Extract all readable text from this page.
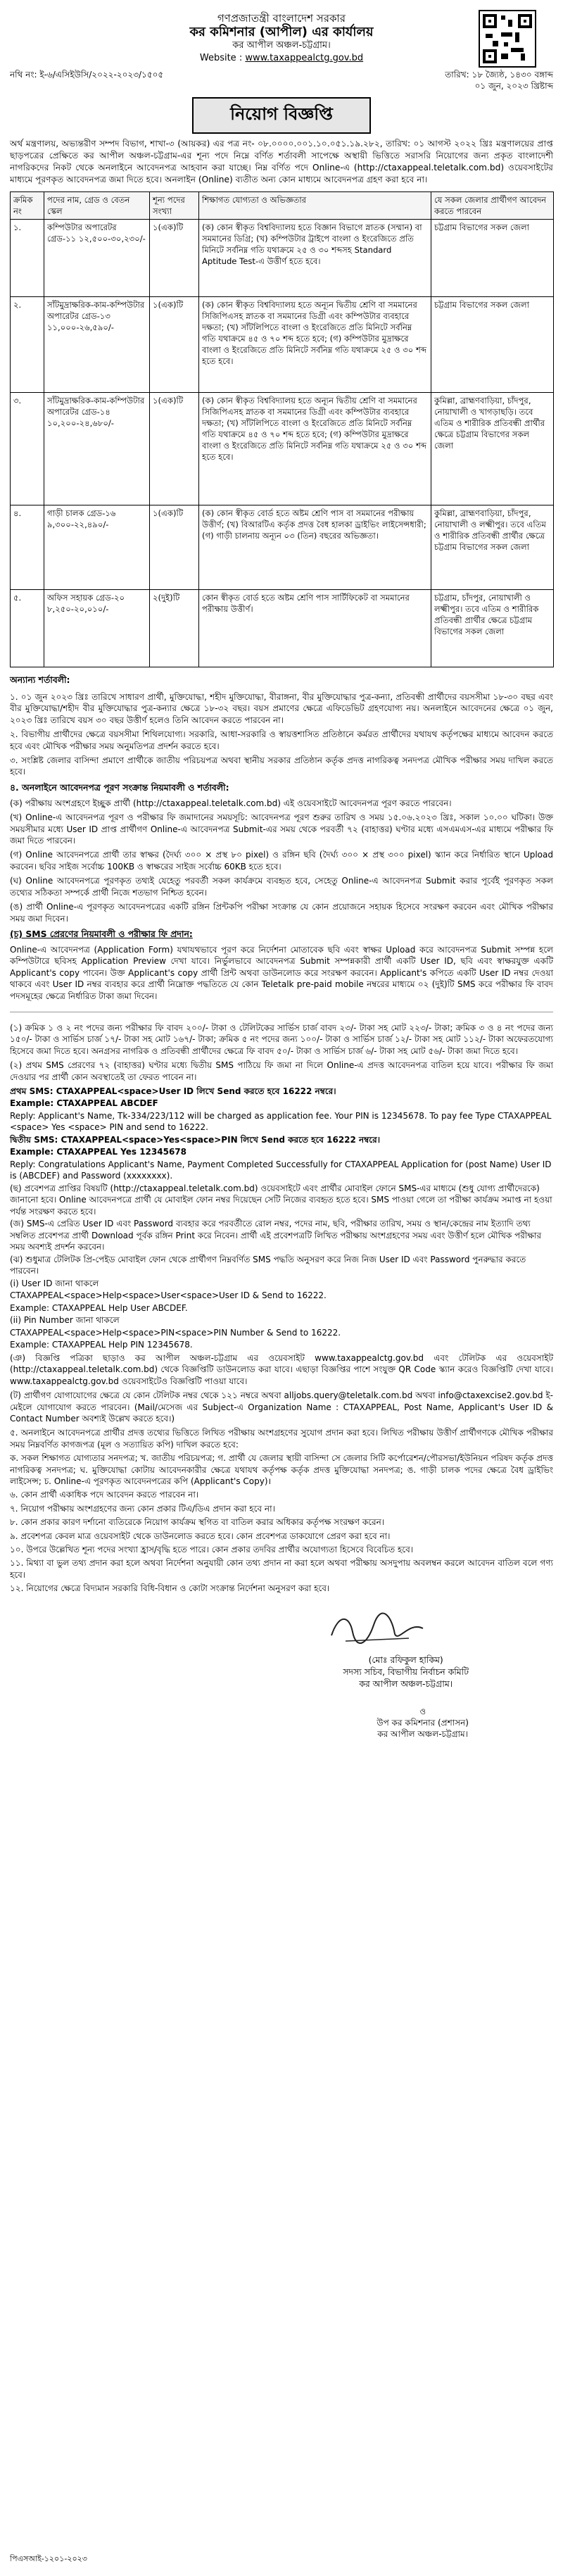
গণপ্রজাতন্ত্রী বাংলাদেশ সরকার
কর কমিশনার (আপীল) এর কার্যালয়
কর আপীল অঞ্চল-চট্টগ্রাম।
Website : www.taxappealctg.gov.bd
নথি নং: ই-৬/এসিইউসি/২০২২-২০২৩/১৫০৫	তারিখ: ১৮ জ্যৈষ্ঠ, ১৪৩০ বঙ্গাব্দ
০১ জুন, ২০২৩ খ্রিষ্টাব্দ
নিয়োগ বিজ্ঞপ্তি
অর্থ মন্ত্রণালয়, অভ্যন্তরীণ সম্পদ বিভাগ, শাখা-৩ (আয়কর) এর পত্র নং- ০৮.০০০০.০০১.১০.০৫১.১৯.২৮২, তারিখ: ০১ আগস্ট ২০২২ খ্রিঃ মন্ত্রণালয়ের প্রাপ্ত ছাড়পত্রের প্রেক্ষিতে কর আপীল অঞ্চল-চট্টগ্রাম-এর শূন্য পদে নিম্নে বর্ণিত শর্তাবলী সাপেক্ষে অস্থায়ী ভিত্তিতে সরাসরি নিয়োগের জন্য প্রকৃত বাংলাদেশী নাগরিকদের নিকট থেকে অনলাইনে আবেদনপত্র আহবান করা যাচ্ছে। নিম্ন বর্ণিত পদে Online-এ (http://ctaxappeal.teletalk.com.bd) ওয়েবসাইটের মাধ্যমে পূরণকৃত আবেদনপত্র জমা দিতে হবে। অনলাইন (Online) ব্যতীত অন্য কোন মাধ্যমে আবেদনপত্র গ্রহণ করা হবে না।
ক্রমিক নং	পদের নাম, গ্রেড ও বেতন স্কেল	শূন্য পদের সংখ্যা	শিক্ষাগত যোগ্যতা ও অভিজ্ঞতার	যে সকল জেলার প্রার্থীগণ আবেদন করতে পারবেন
১.	কম্পিউটার অপারেটর গ্রেড-১১ ১২,৫০০-৩০,২৩০/-	১(এক)টি	(ক) কোন স্বীকৃত বিশ্ববিদ্যালয় হতে বিজ্ঞান বিভাগে স্নাতক (সম্মান) বা সমমানের ডিগ্রি; (খ) কম্পিউটার ট্রাইপে বাংলা ও ইংরেজিতে প্রতি মিনিটে সর্বনিম্ন গতি যথাক্রমে ২৫ ও ৩০ শব্দসহ Standard Aptitude Test-এ উত্তীর্ণ হতে হবে।	চট্টগ্রাম বিভাগের সকল জেলা
২.	সাঁটমুদ্রাক্ষরিক-কাম-কম্পিউটার অপারেটর গ্রেড-১৩ ১১,০০০-২৬,৫৯০/-	১(এক)টি	(ক) কোন স্বীকৃত বিশ্ববিদ্যালয় হতে অন্যূন দ্বিতীয় শ্রেণি বা সমমানের সিজিপিএসহ স্নাতক বা সমমানের ডিগ্রী এবং কম্পিউটার ব্যবহারে দক্ষতা; (খ) সাঁটলিপিতে বাংলা ও ইংরেজিতে প্রতি মিনিটে সর্বনিম্ন গতি যথাক্রমে ৪৫ ও ৭০ শব্দ হতে হবে; (গ) কম্পিউটার মুদ্রাক্ষরে বাংলা ও ইংরেজিতে প্রতি মিনিটে সর্বনিম্ন গতি যথাক্রমে ২৫ ও ৩০ শব্দ হতে হবে।	চট্টগ্রাম বিভাগের সকল জেলা
৩.	সাঁটমুদ্রাক্ষরিক-কাম-কম্পিউটার অপারেটর গ্রেড-১৪ ১০,২০০-২৪,৬৮০/-	১(এক)টি	(ক) কোন স্বীকৃত বিশ্ববিদ্যালয় হতে অন্যূন দ্বিতীয় শ্রেণি বা সমমানের সিজিপিএসহ স্নাতক বা সমমানের ডিগ্রী এবং কম্পিউটার ব্যবহারে দক্ষতা; (খ) সাঁটলিপিতে বাংলা ও ইংরেজিতে প্রতি মিনিটে সর্বনিম্ন গতি যথাক্রমে ৪৫ ও ৭০ শব্দ হতে হবে; (গ) কম্পিউটার মুদ্রাক্ষরে বাংলা ও ইংরেজিতে প্রতি মিনিটে সর্বনিম্ন গতি যথাক্রমে ২৫ ও ৩০ শব্দ হতে হবে।	কুমিল্লা, ব্রাহ্মণবাড়িয়া, চাঁদপুর, নোয়াখালী ও খাগড়াছড়ি। তবে এতিম ও শারীরিক প্রতিবন্ধী প্রার্থীর ক্ষেত্রে চট্টগ্রাম বিভাগের সকল জেলা
৪.	গাড়ী চালক গ্রেড-১৬ ৯,৩০০-২২,৪৯০/-	১(এক)টি	(ক) কোন স্বীকৃত বোর্ড হতে অষ্টম শ্রেণি পাস বা সমমানের পরীক্ষায় উত্তীর্ণ; (খ) বিআরটিএ কর্তৃক প্রদত্ত বৈধ হালকা ড্রাইভিং লাইসেন্সধারী; (গ) গাড়ী চালনায় অন্যূন ০৩ (তিন) বছরের অভিজ্ঞতা।	কুমিল্লা, ব্রাহ্মণবাড়িয়া, চাঁদপুর, নোয়াখালী ও লক্ষ্মীপুর। তবে এতিম ও শারীরিক প্রতিবন্ধী প্রার্থীর ক্ষেত্রে চট্টগ্রাম বিভাগের সকল জেলা
৫.	অফিস সহায়ক গ্রেড-২০ ৮,২৫০-২০,০১০/-	২(দুই)টি	কোন স্বীকৃত বোর্ড হতে অষ্টম শ্রেণি পাস সার্টিফিকেট বা সমমানের পরীক্ষায় উত্তীর্ণ।	চট্টগ্রাম, চাঁদপুর, নোয়াখালী ও লক্ষ্মীপুর। তবে এতিম ও শারীরিক প্রতিবন্ধী প্রার্থীর ক্ষেত্রে চট্টগ্রাম বিভাগের সকল জেলা
অন্যান্য শর্তাবলী:
১. ০১ জুন ২০২৩ খ্রিঃ তারিখে সাধারণ প্রার্থী, মুক্তিযোদ্ধা, শহীদ মুক্তিযোদ্ধা, বীরাঙ্গনা, বীর মুক্তিযোদ্ধার পুত্র-কন্যা, প্রতিবন্ধী প্রার্থীদের বয়সসীমা ১৮-৩০ বছর এবং বীর মুক্তিযোদ্ধা/শহীদ বীর মুক্তিযোদ্ধার পুত্র-কন্যার ক্ষেত্রে ১৮-৩২ বছর। বয়স প্রমাণের ক্ষেত্রে এফিডেভিট গ্রহণযোগ্য নয়। অনলাইনে আবেদনের ক্ষেত্রে ০১ জুন, ২০২৩ খ্রিঃ তারিখে বয়স ৩০ বছর উত্তীর্ণ হলেও তিনি আবেদন করতে পারবেন না।
২. বিভাগীয় প্রার্থীদের ক্ষেত্রে বয়সসীমা শিথিলযোগ্য। সরকারি, আধা-সরকারি ও স্বায়ত্তশাসিত প্রতিষ্ঠানে কর্মরত প্রার্থীদের যথাযথ কর্তৃপক্ষের মাধ্যমে আবেদন করতে হবে এবং মৌখিক পরীক্ষার সময় অনুমতিপত্র প্রদর্শন করতে হবে।
৩. সংশ্লিষ্ট জেলার বাসিন্দা প্রমাণে প্রার্থীকে জাতীয় পরিচয়পত্র অথবা স্থানীয় সরকার প্রতিষ্ঠান কর্তৃক প্রদত্ত নাগরিকত্ব সনদপত্র মৌখিক পরীক্ষার সময় দাখিল করতে হবে।
৪. অনলাইনে আবেদনপত্র পূরণ সংক্রান্ত নিয়মাবলী ও শর্তাবলী:
(ক) পরীক্ষায় অংশগ্রহণে ইচ্ছুক প্রার্থী (http://ctaxappeal.teletalk.com.bd) এই ওয়েবসাইটে আবেদনপত্র পূরণ করতে পারবেন।
(খ) Online-এ আবেদনপত্র পূরণ ও পরীক্ষার ফি জমাদানের সময়সূচি: আবেদনপত্র পূরণ শুরুর তারিখ ও সময় ১৫.০৬.২০২৩ খ্রিঃ, সকাল ১০.০০ ঘটিকা। উক্ত সময়সীমার মধ্যে User ID প্রাপ্ত প্রার্থীগণ Online-এ আবেদনপত্র Submit-এর সময় থেকে পরবর্তী ৭২ (বাহাত্তর) ঘণ্টার মধ্যে এসএমএস-এর মাধ্যমে পরীক্ষার ফি জমা দিতে পারবেন।
(গ) Online আবেদনপত্রে প্রার্থী তার স্বাক্ষর (দৈর্ঘ্য ৩০০ × প্রস্থ ৮০ pixel) ও রঙ্গিন ছবি (দৈর্ঘ্য ৩০০ × প্রস্থ ৩০০ pixel) স্ক্যান করে নির্ধারিত স্থানে Upload করবেন। ছবির সাইজ সর্বোচ্চ 100KB ও স্বাক্ষরের সাইজ সর্বোচ্চ 60KB হতে হবে।
(ঘ) Online আবেদনপত্রে পূরণকৃত তথ্যই যেহেতু পরবর্তী সকল কার্যক্রমে ব্যবহৃত হবে, সেহেতু Online-এ আবেদনপত্র Submit করার পূর্বেই পূরণকৃত সকল তথ্যের সঠিকতা সম্পর্কে প্রার্থী নিজে শতভাগ নিশ্চিত হবেন।
(ঙ) প্রার্থী Online-এ পূরণকৃত আবেদনপত্রের একটি রঙ্গিন প্রিন্টকপি পরীক্ষা সংক্রান্ত যে কোন প্রয়োজনে সহায়ক হিসেবে সংরক্ষণ করবেন এবং মৌখিক পরীক্ষার সময় জমা দিবেন।
(চ) SMS প্রেরণের নিয়মাবলী ও পরীক্ষার ফি প্রদান:
Online-এ আবেদনপত্র (Application Form) যথাযথভাবে পূরণ করে নির্দেশনা মোতাবেক ছবি এবং স্বাক্ষর Upload করে আবেদনপত্র Submit সম্পন্ন হলে কম্পিউটারে ছবিসহ Application Preview দেখা যাবে। নির্ভুলভাবে আবেদনপত্র Submit সম্পন্নকারী প্রার্থী একটি User ID, ছবি এবং স্বাক্ষরযুক্ত একটি Applicant's copy পাবেন। উক্ত Applicant's copy প্রার্থী প্রিন্ট অথবা ডাউনলোড করে সংরক্ষণ করবেন। Applicant's কপিতে একটি User ID নম্বর দেওয়া থাকবে এবং User ID নম্বর ব্যবহার করে প্রার্থী নিম্নোক্ত পদ্ধতিতে যে কোন Teletalk pre-paid mobile নম্বরের মাধ্যমে ০২ (দুই)টি SMS করে পরীক্ষার ফি বাবদ পদসমূহের ক্ষেত্রে নির্ধারিত টাকা জমা দিবেন।
(১) ক্রমিক ১ ও ২ নং পদের জন্য পরীক্ষার ফি বাবদ ২০০/- টাকা ও টেলিটকের সার্ভিস চার্জ বাবদ ২৩/- টাকা সহ মোট ২২৩/- টাকা; ক্রমিক ৩ ও ৪ নং পদের জন্য ১৫০/- টাকা ও সার্ভিস চার্জ ১৭/- টাকা সহ মোট ১৬৭/- টাকা; ক্রমিক ৫ নং পদের জন্য ১০০/- টাকা ও সার্ভিস চার্জ ১২/- টাকা সহ মোট ১১২/- টাকা অফেরতযোগ্য হিসেবে জমা দিতে হবে। অনগ্রসর নাগরিক ও প্রতিবন্ধী প্রার্থীদের ক্ষেত্রে ফি বাবদ ৫০/- টাকা ও সার্ভিস চার্জ ৬/- টাকা সহ মোট ৫৬/- টাকা জমা দিতে হবে।
(২) প্রথম SMS প্রেরণের ৭২ (বাহাত্তর) ঘণ্টার মধ্যে দ্বিতীয় SMS পাঠিয়ে ফি জমা না দিলে Online-এ প্রদত্ত আবেদনপত্র বাতিল হয়ে যাবে। পরীক্ষার ফি জমা দেওয়ার পর প্রার্থী কোন অবস্থাতেই তা ফেরত পাবেন না।
প্রথম SMS: CTAXAPPEAL<space>User ID লিখে Send করতে হবে 16222 নম্বরে।
Example: CTAXAPPEAL ABCDEF
Reply: Applicant's Name, Tk-334/223/112 will be charged as application fee. Your PIN is 12345678. To pay fee Type CTAXAPPEAL <space> Yes <space> PIN and send to 16222.
দ্বিতীয় SMS: CTAXAPPEAL<space>Yes<space>PIN লিখে Send করতে হবে 16222 নম্বরে।
Example: CTAXAPPEAL Yes 12345678
Reply: Congratulations Applicant's Name, Payment Completed Successfully for CTAXAPPEAL Application for (post Name) User ID is (ABCDEF) and Password (xxxxxxxx).
(ছ) প্রবেশপত্র প্রাপ্তির বিষয়টি (http://ctaxappeal.teletalk.com.bd) ওয়েবসাইটে এবং প্রার্থীর মোবাইল ফোনে SMS-এর মাধ্যমে (শুধু যোগ্য প্রার্থীদেরকে) জানানো হবে। Online আবেদনপত্রে প্রার্থী যে মোবাইল ফোন নম্বর দিয়েছেন সেটি নিজের ব্যবহৃত হতে হবে। SMS পাওয়া গেলে তা পরীক্ষা কার্যক্রম সমাপ্ত না হওয়া পর্যন্ত সংরক্ষণ করতে হবে।
(জ) SMS-এ প্রেরিত User ID এবং Password ব্যবহার করে পরবর্তীতে রোল নম্বর, পদের নাম, ছবি, পরীক্ষার তারিখ, সময় ও স্থান/কেন্দ্রের নাম ইত্যাদি তথ্য সম্বলিত প্রবেশপত্র প্রার্থী Download পূর্বক রঙ্গিন Print করে নিবেন। প্রার্থী এই প্রবেশপত্রটি লিখিত পরীক্ষায় অংশগ্রহণের সময় এবং উত্তীর্ণ হলে মৌখিক পরীক্ষার সময় অবশ্যই প্রদর্শন করবেন।
(ঝ) শুধুমাত্র টেলিটক প্রি-পেইড মোবাইল ফোন থেকে প্রার্থীগণ নিম্নবর্ণিত SMS পদ্ধতি অনুসরণ করে নিজ নিজ User ID এবং Password পুনরুদ্ধার করতে পারবেন।
(i) User ID জানা থাকলে
CTAXAPPEAL<space>Help<space>User<space>User ID & Send to 16222.
Example: CTAXAPPEAL Help User ABCDEF.
(ii) Pin Number জানা থাকলে
CTAXAPPEAL<space>Help<space>PIN<space>PIN Number & Send to 16222.
Example: CTAXAPPEAL Help PIN 12345678.
(ঞ) বিজ্ঞপ্তি পত্রিকা ছাড়াও কর আপীল অঞ্চল-চট্টগ্রাম এর ওয়েবসাইট www.taxappealctg.gov.bd এবং টেলিটক এর ওয়েবসাইট (http://ctaxappeal.teletalk.com.bd) থেকে বিজ্ঞপ্তিটি ডাউনলোড করা যাবে। এছাড়া বিজ্ঞপ্তির পাশে সংযুক্ত QR Code স্ক্যান করেও বিজ্ঞপ্তিটি দেখা যাবে। www.taxappealctg.gov.bd ওয়েবসাইটেও বিজ্ঞপ্তিটি পাওয়া যাবে।
(ট) প্রার্থীগণ যোগাযোগের ক্ষেত্রে যে কোন টেলিটক নম্বর থেকে ১২১ নম্বরে অথবা alljobs.query@teletalk.com.bd অথবা info@ctaxexcise2.gov.bd ই-মেইলে যোগাযোগ করতে পারবেন। (Mail/মেসেজ এর Subject-এ Organization Name : CTAXAPPEAL, Post Name, Applicant's User ID & Contact Number অবশ্যই উল্লেখ করতে হবে।)
৫. অনলাইনে আবেদনপত্রে প্রার্থীর প্রদত্ত তথ্যের ভিত্তিতে লিখিত পরীক্ষায় অংশগ্রহণের সুযোগ প্রদান করা হবে। লিখিত পরীক্ষায় উত্তীর্ণ প্রার্থীগণকে মৌখিক পরীক্ষার সময় নিম্নবর্ণিত কাগজপত্র (মূল ও সত্যায়িত কপি) দাখিল করতে হবে:
ক. সকল শিক্ষাগত যোগ্যতার সনদপত্র; খ. জাতীয় পরিচয়পত্র; গ. প্রার্থী যে জেলার স্থায়ী বাসিন্দা সে জেলার সিটি কর্পোরেশন/পৌরসভা/ইউনিয়ন পরিষদ কর্তৃক প্রদত্ত নাগরিকত্ব সনদপত্র; ঘ. মুক্তিযোদ্ধা কোটায় আবেদনকারীর ক্ষেত্রে যথাযথ কর্তৃপক্ষ কর্তৃক প্রদত্ত মুক্তিযোদ্ধা সনদপত্র; ঙ. গাড়ী চালক পদের ক্ষেত্রে বৈধ ড্রাইভিং লাইসেন্স; চ. Online-এ পূরণকৃত আবেদনপত্রের কপি (Applicant's Copy)।
৬. কোন প্রার্থী একাধিক পদে আবেদন করতে পারবেন না।
৭. নিয়োগ পরীক্ষায় অংশগ্রহণের জন্য কোন প্রকার টিএ/ডিএ প্রদান করা হবে না।
৮. কোন প্রকার কারণ দর্শানো ব্যতিরেকে নিয়োগ কার্যক্রম স্থগিত বা বাতিল করার অধিকার কর্তৃপক্ষ সংরক্ষণ করেন।
৯. প্রবেশপত্র কেবল মাত্র ওয়েবসাইট থেকে ডাউনলোড করতে হবে। কোন প্রবেশপত্র ডাকযোগে প্রেরণ করা হবে না।
১০. উপরে উল্লেখিত শূন্য পদের সংখ্যা হ্রাস/বৃদ্ধি হতে পারে। কোন প্রকার তদবির প্রার্থীর অযোগ্যতা হিসেবে বিবেচিত হবে।
১১. মিথ্যা বা ভুল তথ্য প্রদান করা হলে অথবা নির্দেশনা অনুযায়ী কোন তথ্য প্রদান না করা হলে অথবা পরীক্ষায় অসদুপায় অবলম্বন করলে আবেদন বাতিল বলে গণ্য হবে।
১২. নিয়োগের ক্ষেত্রে বিদ্যমান সরকারি বিধি-বিধান ও কোটা সংক্রান্ত নির্দেশনা অনুসরণ করা হবে।
(মোঃ রফিকুল হাকিম)
সদস্য সচিব, বিভাগীয় নির্বাচন কমিটি
কর আপীল অঞ্চল-চট্টগ্রাম।
ও
উপ কর কমিশনার (প্রশাসন)
কর আপীল অঞ্চল-চট্টগ্রাম।
পিএসআই-১২০১-২০২৩
